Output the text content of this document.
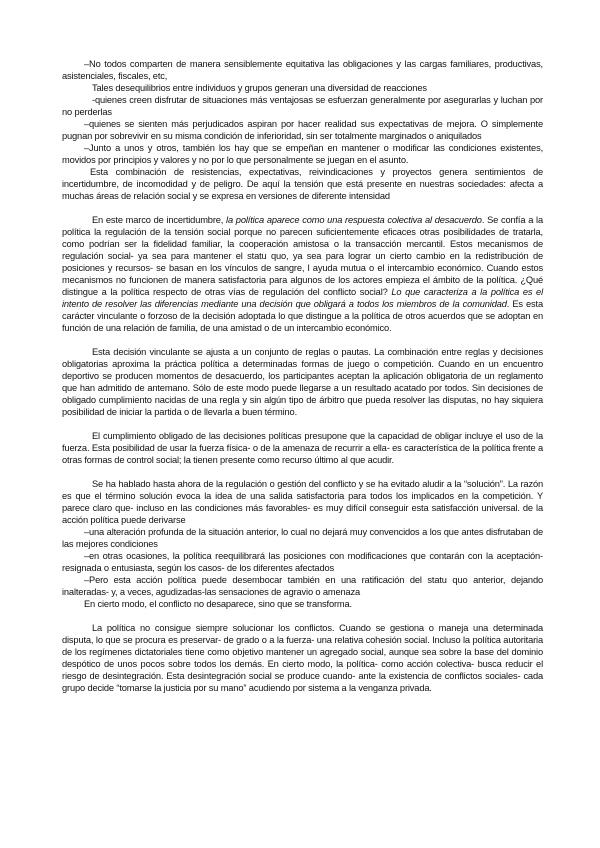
–No todos comparten de manera sensiblemente equitativa las obligaciones y las cargas familiares, productivas, asistenciales, fiscales, etc,

Tales desequilibrios entre individuos y grupos generan una diversidad de reacciones

-quienes creen disfrutar de situaciones más ventajosas se esfuerzan generalmente por asegurarlas y luchan por no perderlas

–quienes se sienten más perjudicados aspiran por hacer realidad sus expectativas de mejora. O simplemente pugnan por sobrevivir en su misma condición de inferioridad, sin ser totalmente marginados o aniquilados

–Junto a unos y otros, también los hay que se empeñan en mantener o modificar las condiciones existentes, movidos por principios y valores y no por lo que personalmente se juegan en el asunto.

Esta combinación de resistencias, expectativas, reivindicaciones y proyectos genera sentimientos de incertidumbre, de incomodidad y de peligro. De aquí la tensión que está presente en nuestras sociedades: afecta a muchas áreas de relación social y se expresa en versiones de diferente intensidad

En este marco de incertidumbre, la política aparece como una respuesta colectiva al desacuerdo. Se confía a la política la regulación de la tensión social porque no parecen suficientemente eficaces otras posibilidades de tratarla, como podrían ser la fidelidad familiar, la cooperación amistosa o la transacción mercantil. Estos mecanismos de regulación social- ya sea para mantener el statu quo, ya sea para lograr un cierto cambio en la redistribución de posiciones y recursos- se basan en los vínculos de sangre, l ayuda mutua o el intercambio económico. Cuando estos mecanismos no funcionen de manera satisfactoria para algunos de los actores empieza el ámbito de la política. ¿Qué distingue a la política respecto de otras vías de regulación del conflicto social? Lo que caracteriza a la política es el intento de resolver las diferencias mediante una decisión que obligará a todos los miembros de la comunidad. Es esta carácter vinculante o forzoso de la decisión adoptada lo que distingue a la política de otros acuerdos que se adoptan en función de una relación de familia, de una amistad o de un intercambio económico.

Esta decisión vinculante se ajusta a un conjunto de reglas o pautas. La combinación entre reglas y decisiones obligatorias aproxima la práctica política a determinadas formas de juego o competición. Cuando en un encuentro deportivo se producen momentos de desacuerdo, los participantes aceptan la aplicación obligatoria de un reglamento que han admitido de antemano. Sólo de este modo puede llegarse a un resultado acatado por todos. Sin decisiones de obligado cumplimiento nacidas de una regla y sin algún tipo de árbitro que pueda resolver las disputas, no hay siquiera posibilidad de iniciar la partida o de llevarla a buen término.

El cumplimiento obligado de las decisiones políticas presupone que la capacidad de obligar incluye el uso de la fuerza. Esta posibilidad de usar la fuerza física- o de la amenaza de recurrir a ella- es característica de la política frente a otras formas de control social; la tienen presente como recurso último al que acudir.

Se ha hablado hasta ahora de la regulación o gestión del conflicto y se ha evitado aludir a la “solución”. La razón es que el término solución evoca la idea de una salida satisfactoria para todos los implicados en la competición. Y parece claro que- incluso en las condiciones más favorables- es muy difícil conseguir esta satisfacción universal. de la acción política puede derivarse

–una alteración profunda de la situación anterior, lo cual no dejará muy convencidos a los que antes disfrutaban de las mejores condiciones

–en otras ocasiones, la política reequilibrará las posiciones con modificaciones que contarán con la aceptación- resignada o entusiasta, según los casos- de los diferentes afectados

–Pero esta acción política puede desembocar también en una ratificación del statu quo anterior, dejando inalteradas- y, a veces, agudizadas-las sensaciones de agravio o amenaza

En cierto modo, el conflicto no desaparece, sino que se transforma.

La política no consigue siempre solucionar los conflictos. Cuando se gestiona o maneja una determinada disputa, lo que se procura es preservar- de grado o a la fuerza- una relativa cohesión social. Incluso la política autoritaria de los regímenes dictatoriales tiene como objetivo mantener un agregado social, aunque sea sobre la base del dominio despótico de unos pocos sobre todos los demás. En cierto modo, la política- como acción colectiva- busca reducir el riesgo de desintegración. Esta desintegración social se produce cuando- ante la existencia de conflictos sociales- cada grupo decide “tomarse la justicia por su mano” acudiendo por sistema a la venganza privada.
